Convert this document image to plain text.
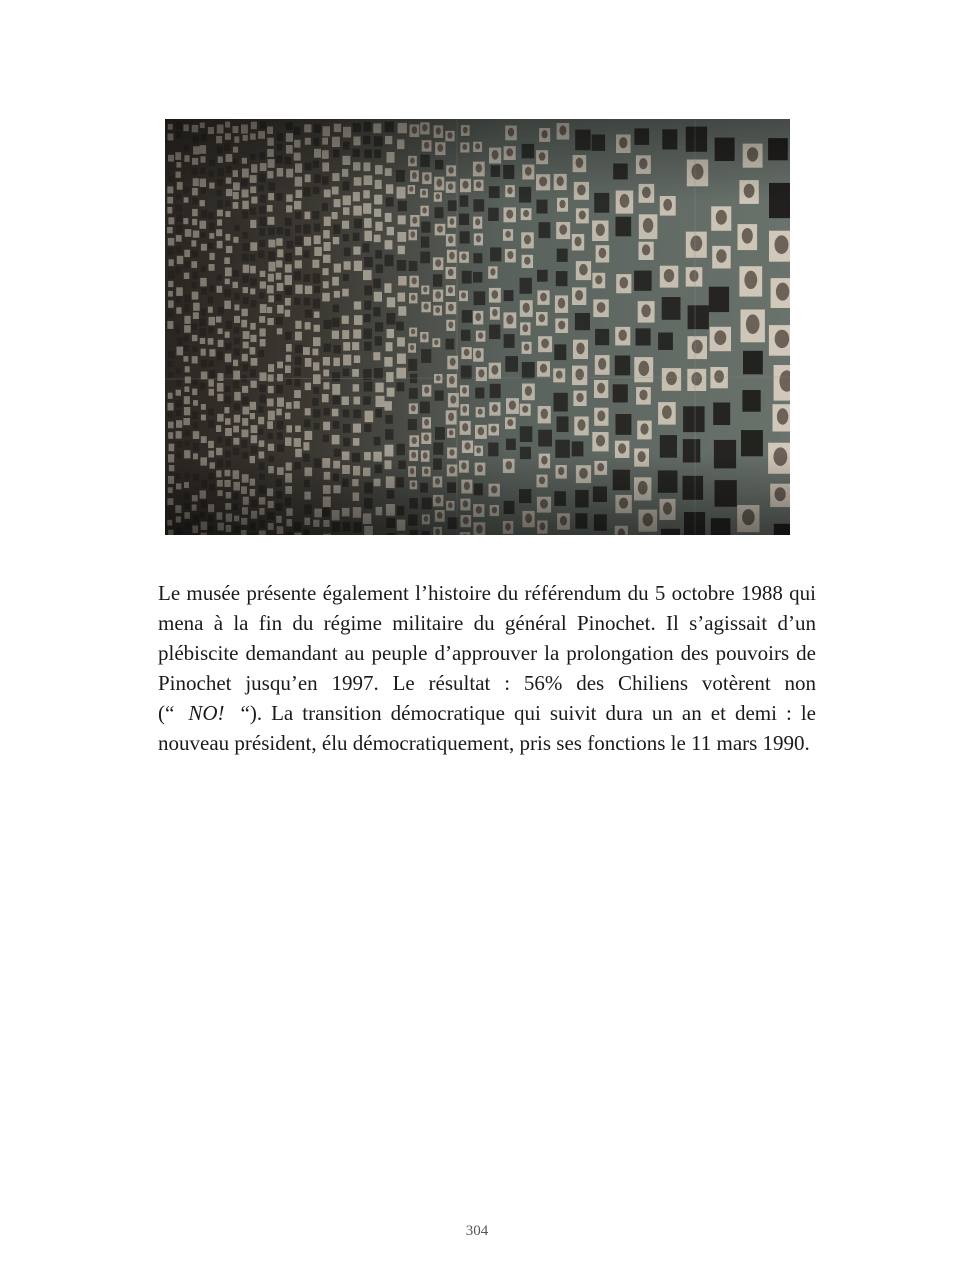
Le musée présente également l’histoire du référendum du 5 octobre 1988 qui mena à la fin du régime militaire du général Pinochet. Il s’agissait d’un plébiscite demandant au peuple d’approuver la prolongation des pouvoirs de Pinochet jusqu’en 1997. Le résultat : 56% des Chiliens votèrent non (“ NO! “). La transition démocratique qui suivit dura un an et demi : le nouveau président, élu démocratiquement, pris ses fonctions le 11 mars 1990.

304
